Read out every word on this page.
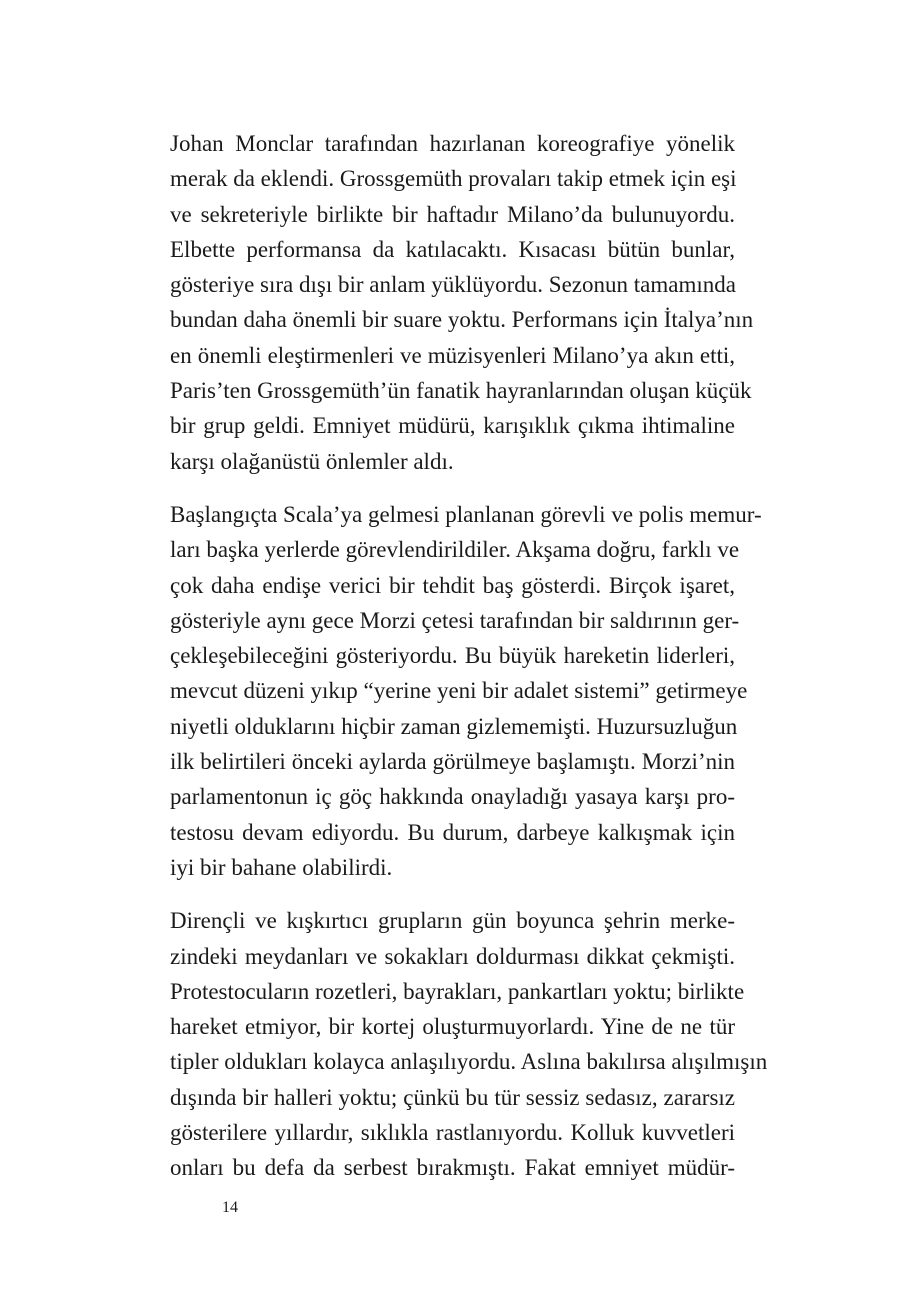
Johan Monclar tarafından hazırlanan koreografiye yönelik
merak da eklendi. Grossgemüth provaları takip etmek için eşi
ve sekreteriyle birlikte bir haftadır Milano’da bulunuyordu.
Elbette performansa da katılacaktı. Kısacası bütün bunlar,
gösteriye sıra dışı bir anlam yüklüyordu. Sezonun tamamında
bundan daha önemli bir suare yoktu. Performans için İtalya’nın
en önemli eleştirmenleri ve müzisyenleri Milano’ya akın etti,
Paris’ten Grossgemüth’ün fanatik hayranlarından oluşan küçük
bir grup geldi. Emniyet müdürü, karışıklık çıkma ihtimaline
karşı olağanüstü önlemler aldı.
Başlangıçta Scala’ya gelmesi planlanan görevli ve polis memur-
ları başka yerlerde görevlendirildiler. Akşama doğru, farklı ve
çok daha endişe verici bir tehdit baş gösterdi. Birçok işaret,
gösteriyle aynı gece Morzi çetesi tarafından bir saldırının ger-
çekleşebileceğini gösteriyordu. Bu büyük hareketin liderleri,
mevcut düzeni yıkıp “yerine yeni bir adalet sistemi” getirmeye
niyetli olduklarını hiçbir zaman gizlememişti. Huzursuzluğun
ilk belirtileri önceki aylarda görülmeye başlamıştı. Morzi’nin
parlamentonun iç göç hakkında onayladığı yasaya karşı pro-
testosu devam ediyordu. Bu durum, darbeye kalkışmak için
iyi bir bahane olabilirdi.
Dirençli ve kışkırtıcı grupların gün boyunca şehrin merke-
zindeki meydanları ve sokakları doldurması dikkat çekmişti.
Protestocuların rozetleri, bayrakları, pankartları yoktu; birlikte
hareket etmiyor, bir kortej oluşturmuyorlardı. Yine de ne tür
tipler oldukları kolayca anlaşılıyordu. Aslına bakılırsa alışılmışın
dışında bir halleri yoktu; çünkü bu tür sessiz sedasız, zararsız
gösterilere yıllardır, sıklıkla rastlanıyordu. Kolluk kuvvetleri
onları bu defa da serbest bırakmıştı. Fakat emniyet müdür-
14
